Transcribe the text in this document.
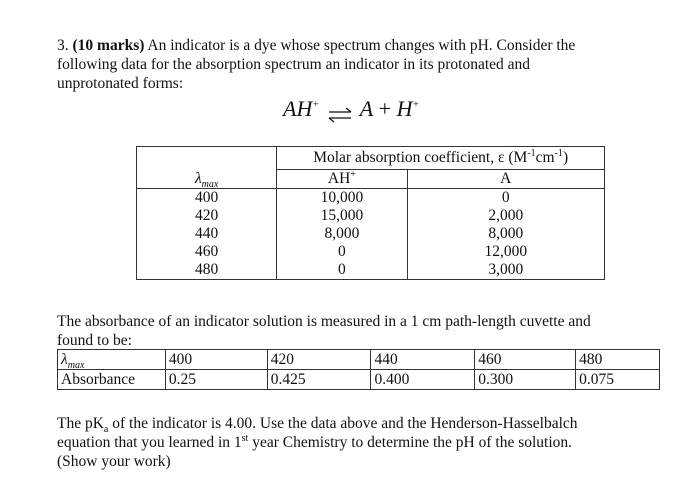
3. (10 marks) An indicator is a dye whose spectrum changes with pH. Consider the
following data for the absorption spectrum an indicator in its protonated and
unprotonated forms:
AH+ ⇌ A + H+
	Molar absorption coefficient, ε $(M^{-1}cm^{-1})$	
$\lambda_{max}$	AH+	A
400	10,000	0
420	15,000	2,000
440	8,000	8,000
460	0	12,000
480	0	3,000
The absorbance of an indicator solution is measured in a 1 cm path-length cuvette and
found to be:
$\lambda_{max}$	400	420	440	460	480
Absorbance	0.25	0.425	0.400	0.300	0.075
The $pK_a$ of the indicator is 4.00. Use the data above and the Henderson-Hasselbalch
equation that you learned in 1st year Chemistry to determine the pH of the solution.
(Show your work)
